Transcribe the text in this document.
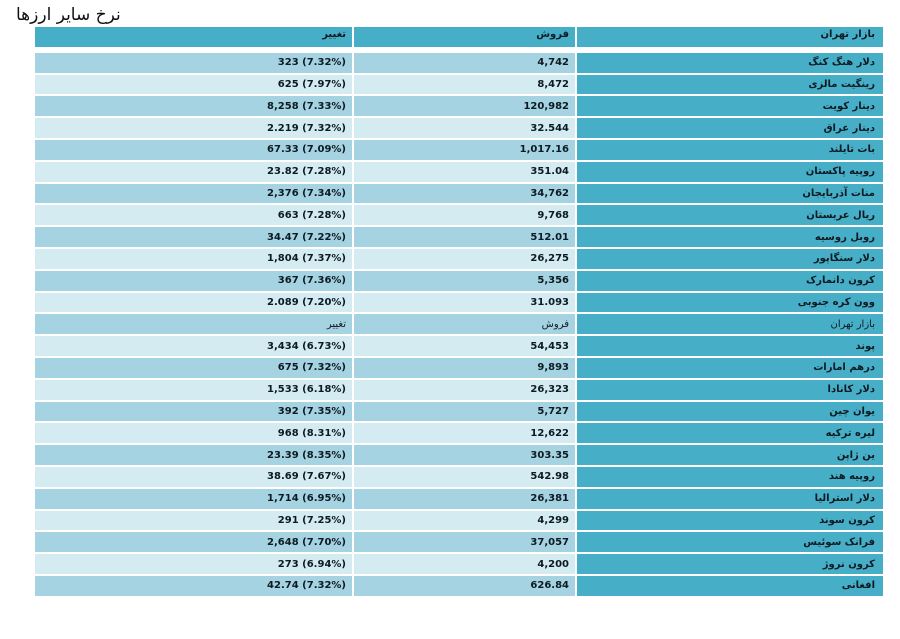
نرخ سایر ارزها
تغییر	فروش	بازار تهران
323 (7.32%)	4,742	دلار هنگ کنگ
625 (7.97%)	8,472	رینگیت مالزی
8,258 (7.33%)	120,982	دینار کویت
2.219 (7.32%)	32.544	دینار عراق
67.33 (7.09%)	1,017.16	بات تایلند
23.82 (7.28%)	351.04	روپیه پاکستان
2,376 (7.34%)	34,762	منات آذربایجان
663 (7.28%)	9,768	ریال عربستان
34.47 (7.22%)	512.01	روبل روسیه
1,804 (7.37%)	26,275	دلار سنگاپور
367 (7.36%)	5,356	کرون دانمارک
2.089 (7.20%)	31.093	وون کره جنوبی
تغییر	فروش	بازار تهران
3,434 (6.73%)	54,453	پوند
675 (7.32%)	9,893	درهم امارات
1,533 (6.18%)	26,323	دلار کانادا
392 (7.35%)	5,727	یوان چین
968 (8.31%)	12,622	لیره ترکیه
23.39 (8.35%)	303.35	ین ژاپن
38.69 (7.67%)	542.98	روپیه هند
1,714 (6.95%)	26,381	دلار استرالیا
291 (7.25%)	4,299	کرون سوند
2,648 (7.70%)	37,057	فرانک سوئیس
273 (6.94%)	4,200	کرون نروژ
42.74 (7.32%)	626.84	افغانی
